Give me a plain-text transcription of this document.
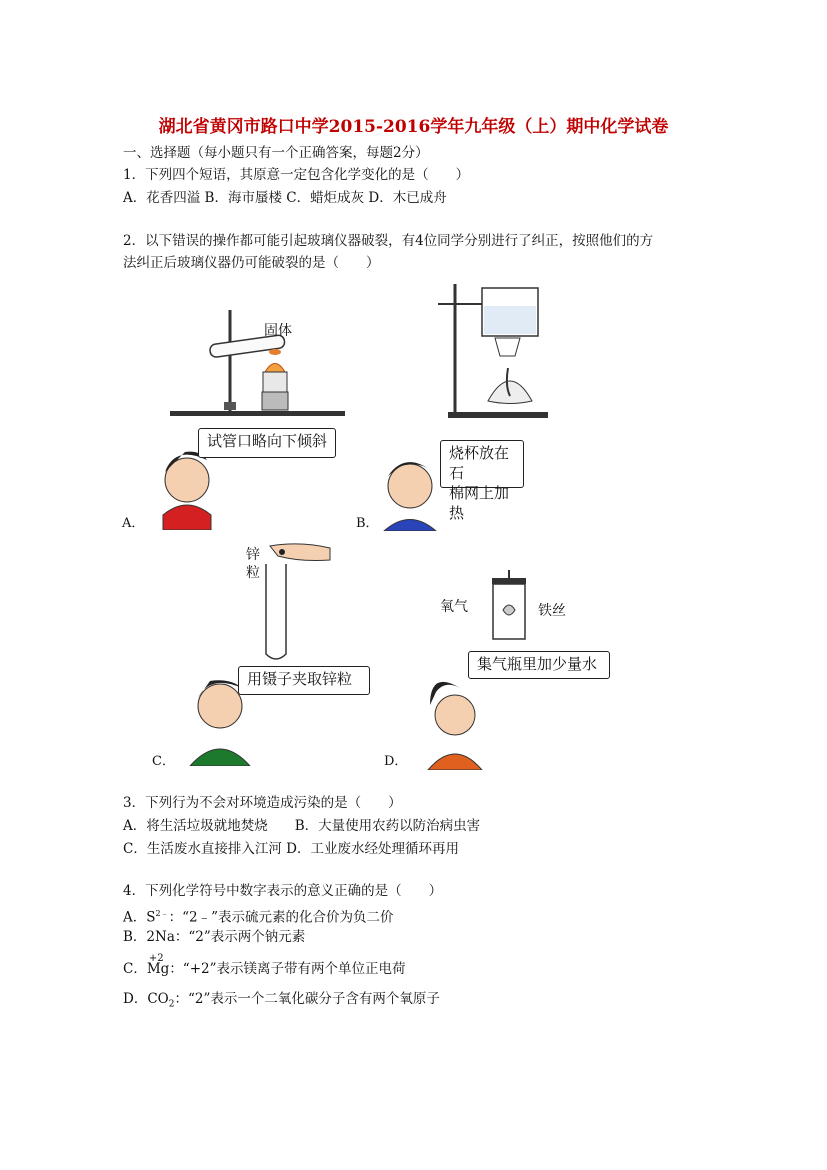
湖北省黄冈市路口中学2015-2016学年九年级（上）期中化学试卷
一、选择题（每小题只有一个正确答案，每题2分）
1．下列四个短语，其原意一定包含化学变化的是（　　）
A．花香四溢 B．海市蜃楼 C．蜡炬成灰 D．木已成舟
2．以下错误的操作都可能引起玻璃仪器破裂，有4位同学分别进行了纠正，按照他们的方
法纠正后玻璃仪器仍可能破裂的是（　　）
固体
试管口略向下倾斜
A．
烧杯放在石
棉网上加热
B．
锌
粒
用镊子夹取锌粒
C．
氧气	铁丝
集气瓶里加少量水
D．
3．下列行为不会对环境造成污染的是（　　）
A．将生活垃圾就地焚烧　　B．大量使用农药以防治病虫害
C．生活废水直接排入江河 D．工业废水经处理循环再用
4．下列化学符号中数字表示的意义正确的是（　　）
A．$S^{2﹣}$：“2﹣”表示硫元素的化合价为负二价
B．2Na：“2”表示两个钠元素
C．
+2
Mg：“+2”表示镁离子带有两个单位正电荷
D．$CO_2$：“2”表示一个二氧化碳分子含有两个氧原子
